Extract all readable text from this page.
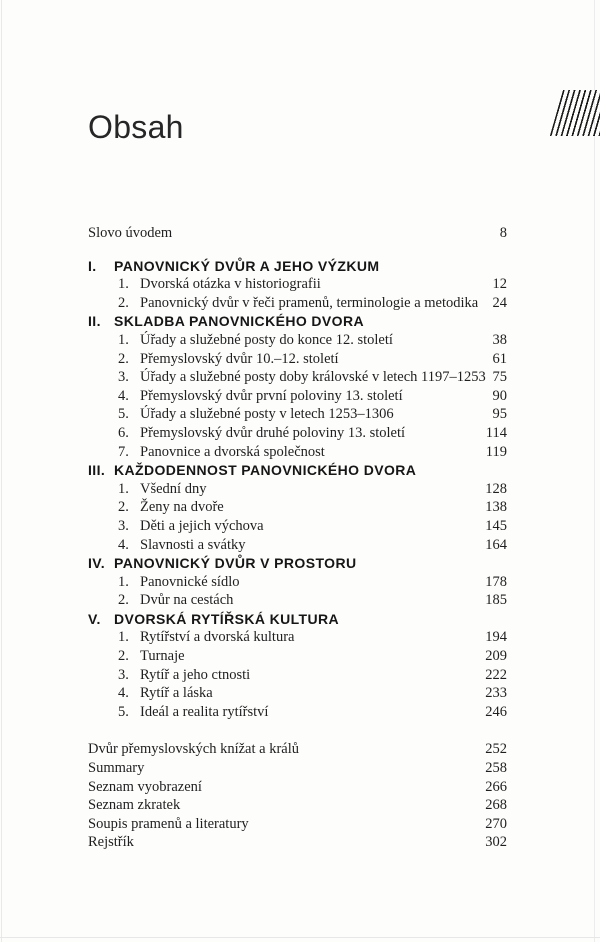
Obsah
Slovo úvodem	8
I.	PANOVNICKÝ DVŮR A JEHO VÝZKUM
1. Dvorská otázka v historiografii	12
2. Panovnický dvůr v řeči pramenů, terminologie a metodika 24
II. SKLADBA PANOVNICKÉHO DVORA
1. Úřady a služebné posty do konce 12. století	38
2. Přemyslovský dvůr 10.–12. století	61
3. Úřady a služebné posty doby královské v letech 1197–1253 75
4. Přemyslovský dvůr první poloviny 13. století	90
5. Úřady a služebné posty v letech 1253–1306	95
6. Přemyslovský dvůr druhé poloviny 13. století	114
7. Panovnice a dvorská společnost	119
III. KAŽDODENNOST PANOVNICKÉHO DVORA
1. Všední dny	128
2. Ženy na dvoře	138
3. Děti a jejich výchova	145
4. Slavnosti a svátky	164
IV. PANOVNICKÝ DVŮR V PROSTORU
1. Panovnické sídlo	178
2. Dvůr na cestách	185
V. DVORSKÁ RYTÍŘSKÁ KULTURA
1. Rytířství a dvorská kultura	194
2. Turnaje	209
3. Rytíř a jeho ctnosti	222
4. Rytíř a láska	233
5. Ideál a realita rytířství	246
Dvůr přemyslovských knížat a králů	252
Summary	258
Seznam vyobrazení	266
Seznam zkratek	268
Soupis pramenů a literatury	270
Rejstřík	302
